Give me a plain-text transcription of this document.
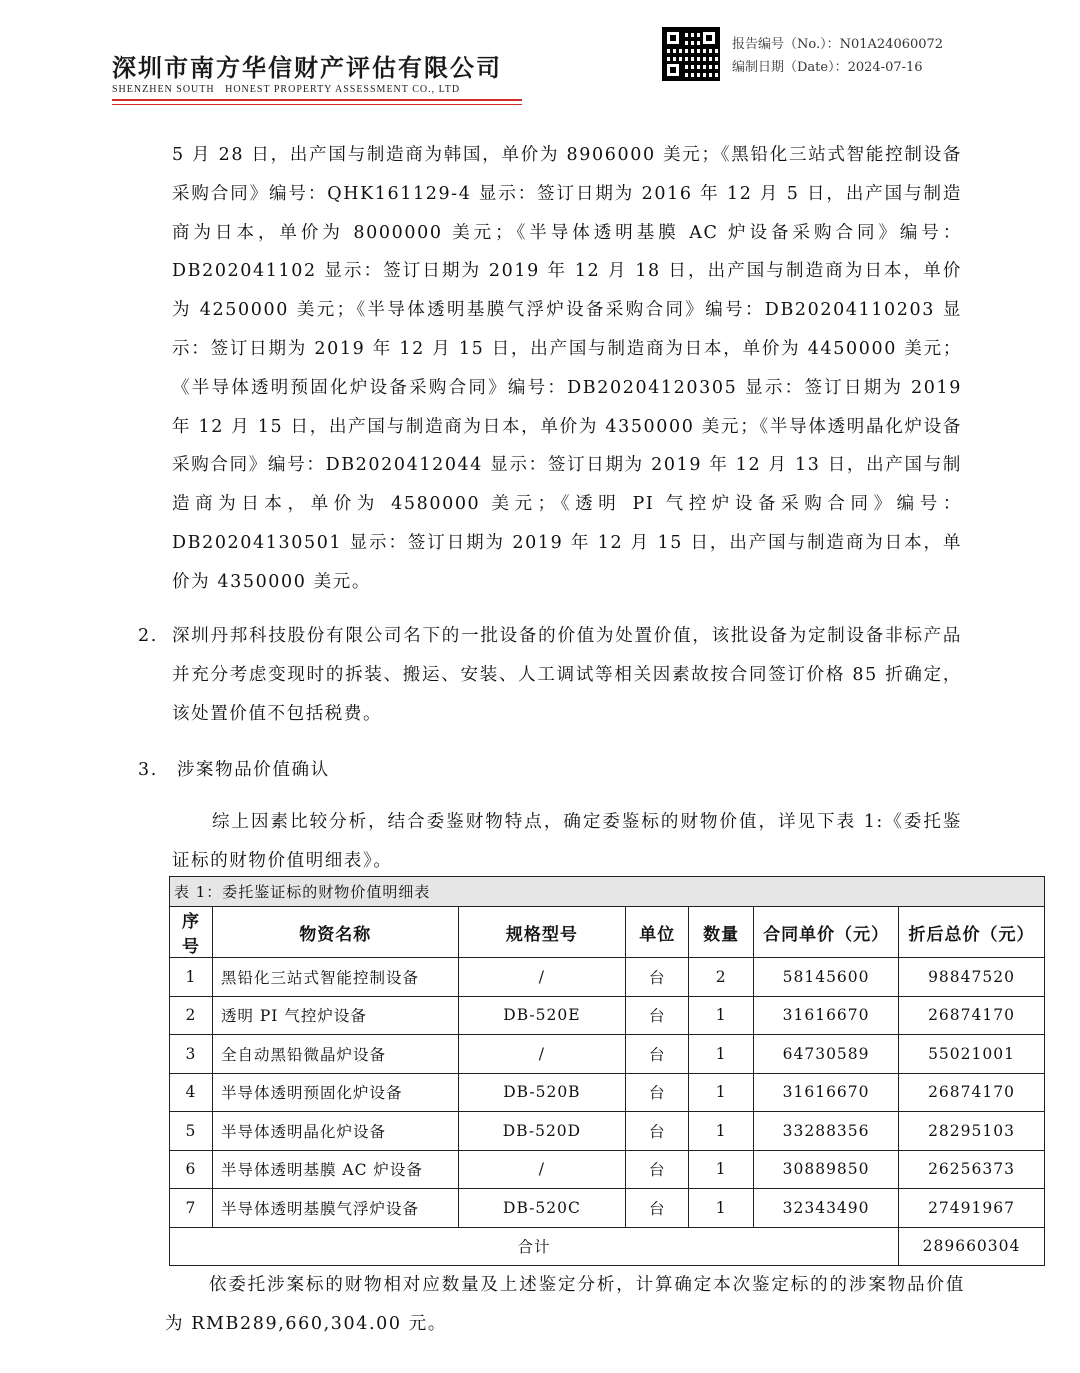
深圳市南方华信财产评估有限公司
SHENZHEN SOUTH   HONEST PROPERTY ASSESSMENT CO., LTD
报告编号（No.）：N01A24060072
编制日期（Date）：2024-07-16

5 月 28 日，出产国与制造商为韩国，单价为 8906000 美元；《黑铅化三站式智能控制设备采购合同》编号：QHK161129-4 显示：签订日期为 2016 年 12 月 5 日，出产国与制造商为日本，单价为 8000000 美元；《半导体透明基膜 AC 炉设备采购合同》编号：DB202041102 显示：签订日期为 2019 年 12 月 18 日，出产国与制造商为日本，单价为 4250000 美元；《半导体透明基膜气浮炉设备采购合同》编号：DB20204110203 显示：签订日期为 2019 年 12 月 15 日，出产国与制造商为日本，单价为 4450000 美元；《半导体透明预固化炉设备采购合同》编号：DB20204120305 显示：签订日期为 2019 年 12 月 15 日，出产国与制造商为日本，单价为 4350000 美元；《半导体透明晶化炉设备采购合同》编号：DB2020412044 显示：签订日期为 2019 年 12 月 13 日，出产国与制造商为日本，单价为 4580000 美元；《透明 PI 气控炉设备采购合同》编号：DB20204130501 显示：签订日期为 2019 年 12 月 15 日，出产国与制造商为日本，单价为 4350000 美元。

2. 深圳丹邦科技股份有限公司名下的一批设备的价值为处置价值，该批设备为定制设备非标产品并充分考虑变现时的拆装、搬运、安装、人工调试等相关因素故按合同签订价格 85 折确定，该处置价值不包括税费。

3. 涉案物品价值确认

综上因素比较分析，结合委鉴财物特点，确定委鉴标的财物价值，详见下表 1:《委托鉴证标的财物价值明细表》。

表 1：委托鉴证标的财物价值明细表						
序号	物资名称	规格型号	单位	数量	合同单价（元）	折后总价（元）
1	黑铅化三站式智能控制设备	/	台	2	58145600	98847520
2	透明 PI 气控炉设备	DB-520E	台	1	31616670	26874170
3	全自动黑铅微晶炉设备	/	台	1	64730589	55021001
4	半导体透明预固化炉设备	DB-520B	台	1	31616670	26874170
5	半导体透明晶化炉设备	DB-520D	台	1	33288356	28295103
6	半导体透明基膜 AC 炉设备	/	台	1	30889850	26256373
7	半导体透明基膜气浮炉设备	DB-520C	台	1	32343490	27491967
合计						289660304

依委托涉案标的财物相对应数量及上述鉴定分析，计算确定本次鉴定标的的涉案物品价值为 RMB289,660,304.00 元。
